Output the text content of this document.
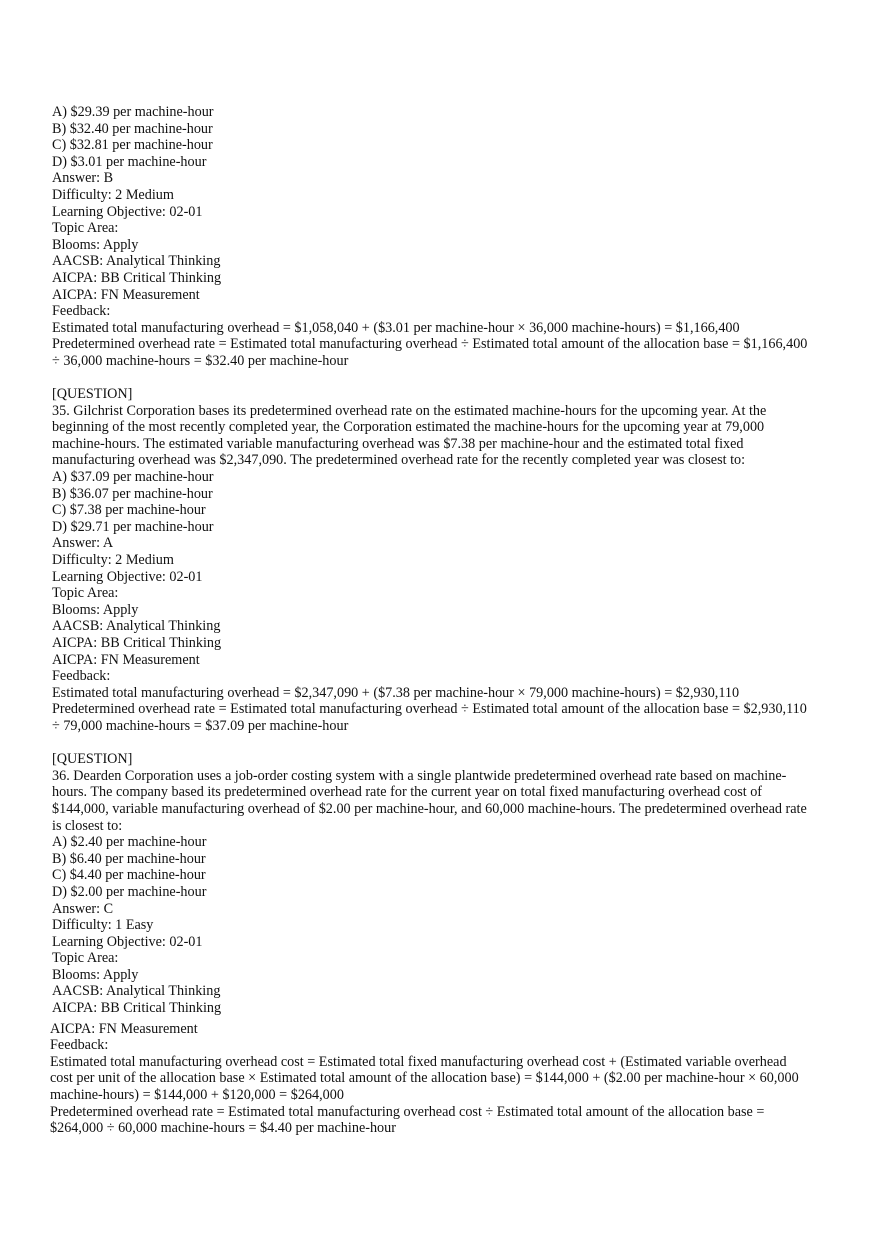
A) $29.39 per machine-hour
B) $32.40 per machine-hour
C) $32.81 per machine-hour
D) $3.01 per machine-hour
Answer: B
Difficulty: 2 Medium
Learning Objective: 02-01
Topic Area:
Blooms: Apply
AACSB: Analytical Thinking
AICPA: BB Critical Thinking
AICPA: FN Measurement
Feedback:
Estimated total manufacturing overhead = $1,058,040 + ($3.01 per machine-hour × 36,000 machine-hours) = $1,166,400
Predetermined overhead rate = Estimated total manufacturing overhead ÷ Estimated total amount of the allocation base = $1,166,400 ÷ 36,000 machine-hours = $32.40 per machine-hour
[QUESTION]
35. Gilchrist Corporation bases its predetermined overhead rate on the estimated machine-hours for the upcoming year. At the beginning of the most recently completed year, the Corporation estimated the machine-hours for the upcoming year at 79,000 machine-hours. The estimated variable manufacturing overhead was $7.38 per machine-hour and the estimated total fixed manufacturing overhead was $2,347,090. The predetermined overhead rate for the recently completed year was closest to:
A) $37.09 per machine-hour
B) $36.07 per machine-hour
C) $7.38 per machine-hour
D) $29.71 per machine-hour
Answer: A
Difficulty: 2 Medium
Learning Objective: 02-01
Topic Area:
Blooms: Apply
AACSB: Analytical Thinking
AICPA: BB Critical Thinking
AICPA: FN Measurement
Feedback:
Estimated total manufacturing overhead = $2,347,090 + ($7.38 per machine-hour × 79,000 machine-hours) = $2,930,110
Predetermined overhead rate = Estimated total manufacturing overhead ÷ Estimated total amount of the allocation base = $2,930,110 ÷ 79,000 machine-hours = $37.09 per machine-hour
[QUESTION]
36. Dearden Corporation uses a job-order costing system with a single plantwide predetermined overhead rate based on machine-hours. The company based its predetermined overhead rate for the current year on total fixed manufacturing overhead cost of $144,000, variable manufacturing overhead of $2.00 per machine-hour, and 60,000 machine-hours. The predetermined overhead rate is closest to:
A) $2.40 per machine-hour
B) $6.40 per machine-hour
C) $4.40 per machine-hour
D) $2.00 per machine-hour
Answer: C
Difficulty: 1 Easy
Learning Objective: 02-01
Topic Area:
Blooms: Apply
AACSB: Analytical Thinking
AICPA: BB Critical Thinking
AICPA: FN Measurement
Feedback:
Estimated total manufacturing overhead cost = Estimated total fixed manufacturing overhead cost + (Estimated variable overhead cost per unit of the allocation base × Estimated total amount of the allocation base) = $144,000 + ($2.00 per machine-hour × 60,000 machine-hours) = $144,000 + $120,000 = $264,000
Predetermined overhead rate = Estimated total manufacturing overhead cost ÷ Estimated total amount of the allocation base = $264,000 ÷ 60,000 machine-hours = $4.40 per machine-hour
